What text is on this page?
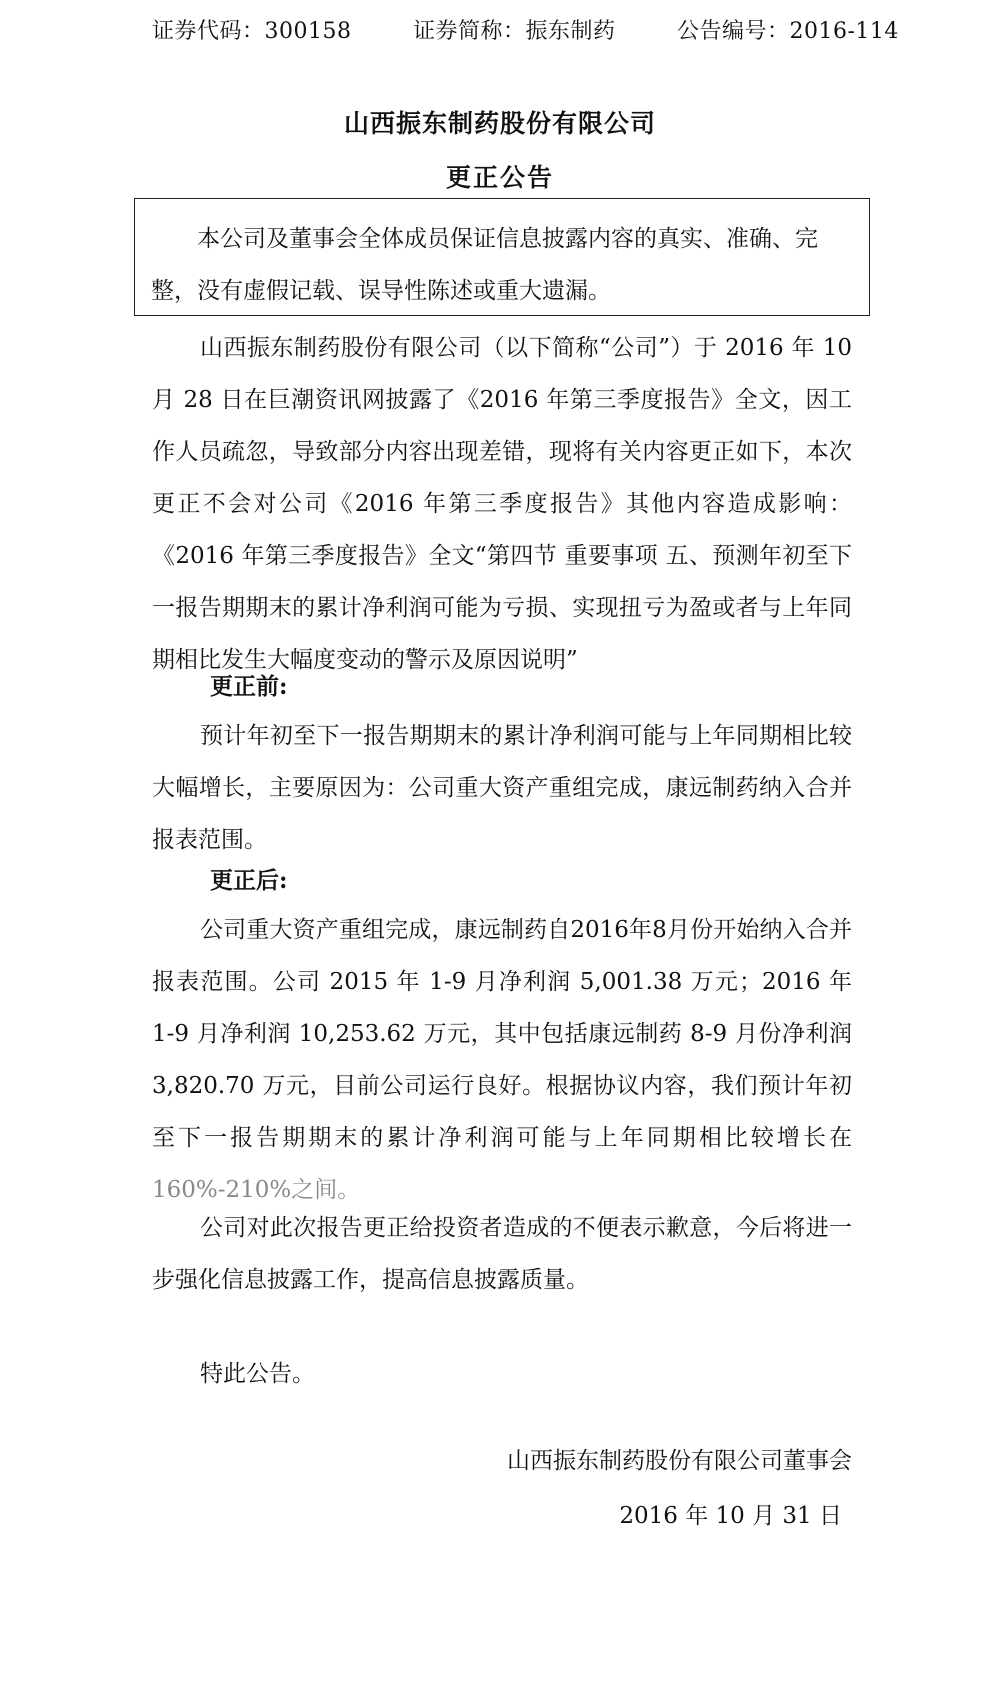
证券代码：300158	证券简称：振东制药	公告编号：2016-114
山西振东制药股份有限公司
更正公告

本公司及董事会全体成员保证信息披露内容的真实、准确、完整，没有虚假记载、误导性陈述或重大遗漏。

山西振东制药股份有限公司（以下简称“公司”）于 2016 年 10 月 28 日在巨潮资讯网披露了《2016 年第三季度报告》全文，因工作人员疏忽，导致部分内容出现差错，现将有关内容更正如下，本次更正不会对公司《2016 年第三季度报告》其他内容造成影响：《2016 年第三季度报告》全文“第四节 重要事项 五、预测年初至下一报告期期末的累计净利润可能为亏损、实现扭亏为盈或者与上年同期相比发生大幅度变动的警示及原因说明”

更正前:

预计年初至下一报告期期末的累计净利润可能与上年同期相比较大幅增长，主要原因为：公司重大资产重组完成，康远制药纳入合并报表范围。

更正后:

公司重大资产重组完成，康远制药自2016年8月份开始纳入合并报表范围。公司 2015 年 1-9 月净利润 5,001.38 万元；2016 年 1-9 月净利润 10,253.62 万元，其中包括康远制药 8-9 月份净利润 3,820.70 万元，目前公司运行良好。根据协议内容，我们预计年初至下一报告期期末的累计净利润可能与上年同期相比较增长在160%-210%之间。

公司对此次报告更正给投资者造成的不便表示歉意，今后将进一步强化信息披露工作，提高信息披露质量。

特此公告。

山西振东制药股份有限公司董事会
2016 年 10 月 31 日
